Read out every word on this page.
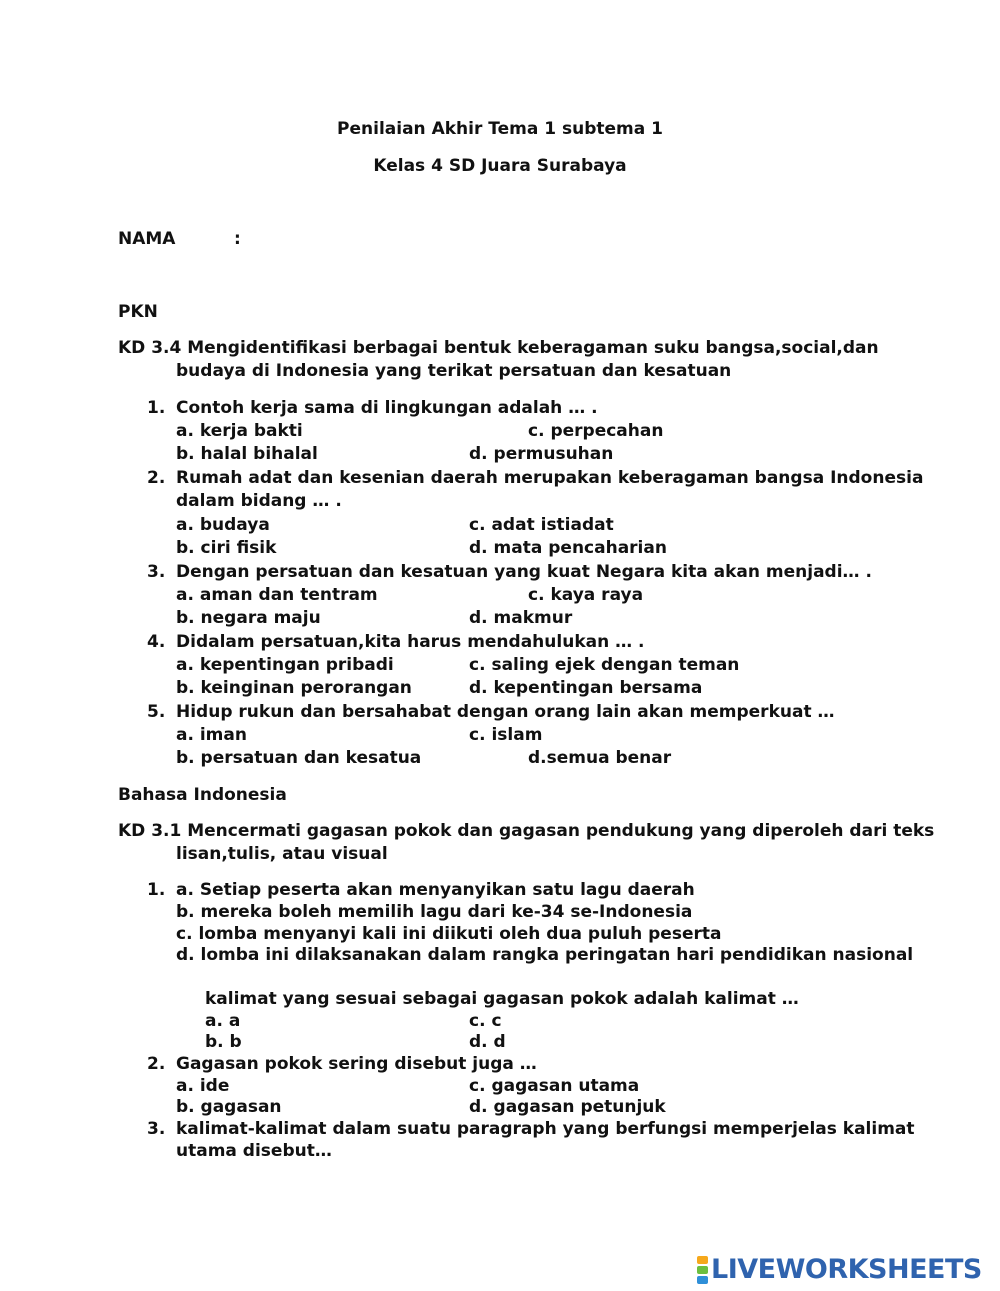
Penilaian Akhir Tema 1 subtema 1
Kelas 4 SD Juara Surabaya
NAMA	:
PKN
KD 3.4 Mengidentifikasi berbagai bentuk keberagaman suku bangsa,social,dan
budaya di Indonesia yang terikat persatuan dan kesatuan
1. Contoh kerja sama di lingkungan adalah … .
a. kerja bakti	c. perpecahan
b. halal bihalal	d. permusuhan
2. Rumah adat dan kesenian daerah merupakan keberagaman bangsa Indonesia
dalam bidang … .
a. budaya	c. adat istiadat
b. ciri fisik	d. mata pencaharian
3. Dengan persatuan dan kesatuan yang kuat Negara kita akan menjadi… .
a. aman dan tentram	c. kaya raya
b. negara maju	d. makmur
4. Didalam persatuan,kita harus mendahulukan … .
a. kepentingan pribadi	c. saling ejek dengan teman
b. keinginan perorangan	d. kepentingan bersama
5. Hidup rukun dan bersahabat dengan orang lain akan memperkuat …
a. iman	c. islam
b. persatuan dan kesatua	d.semua benar
Bahasa Indonesia
KD 3.1 Mencermati gagasan pokok dan gagasan pendukung yang diperoleh dari teks
lisan,tulis, atau visual
1. a. Setiap peserta akan menyanyikan satu lagu daerah
b. mereka boleh memilih lagu dari ke-34 se-Indonesia
c. lomba menyanyi kali ini diikuti oleh dua puluh peserta
d. lomba ini dilaksanakan dalam rangka peringatan hari pendidikan nasional
kalimat yang sesuai sebagai gagasan pokok adalah kalimat …
a. a	c. c
b. b	d. d
2. Gagasan pokok sering disebut juga …
a. ide	c. gagasan utama
b. gagasan	d. gagasan petunjuk
3. kalimat-kalimat dalam suatu paragraph yang berfungsi memperjelas kalimat
utama disebut…
LIVEWORKSHEETS
